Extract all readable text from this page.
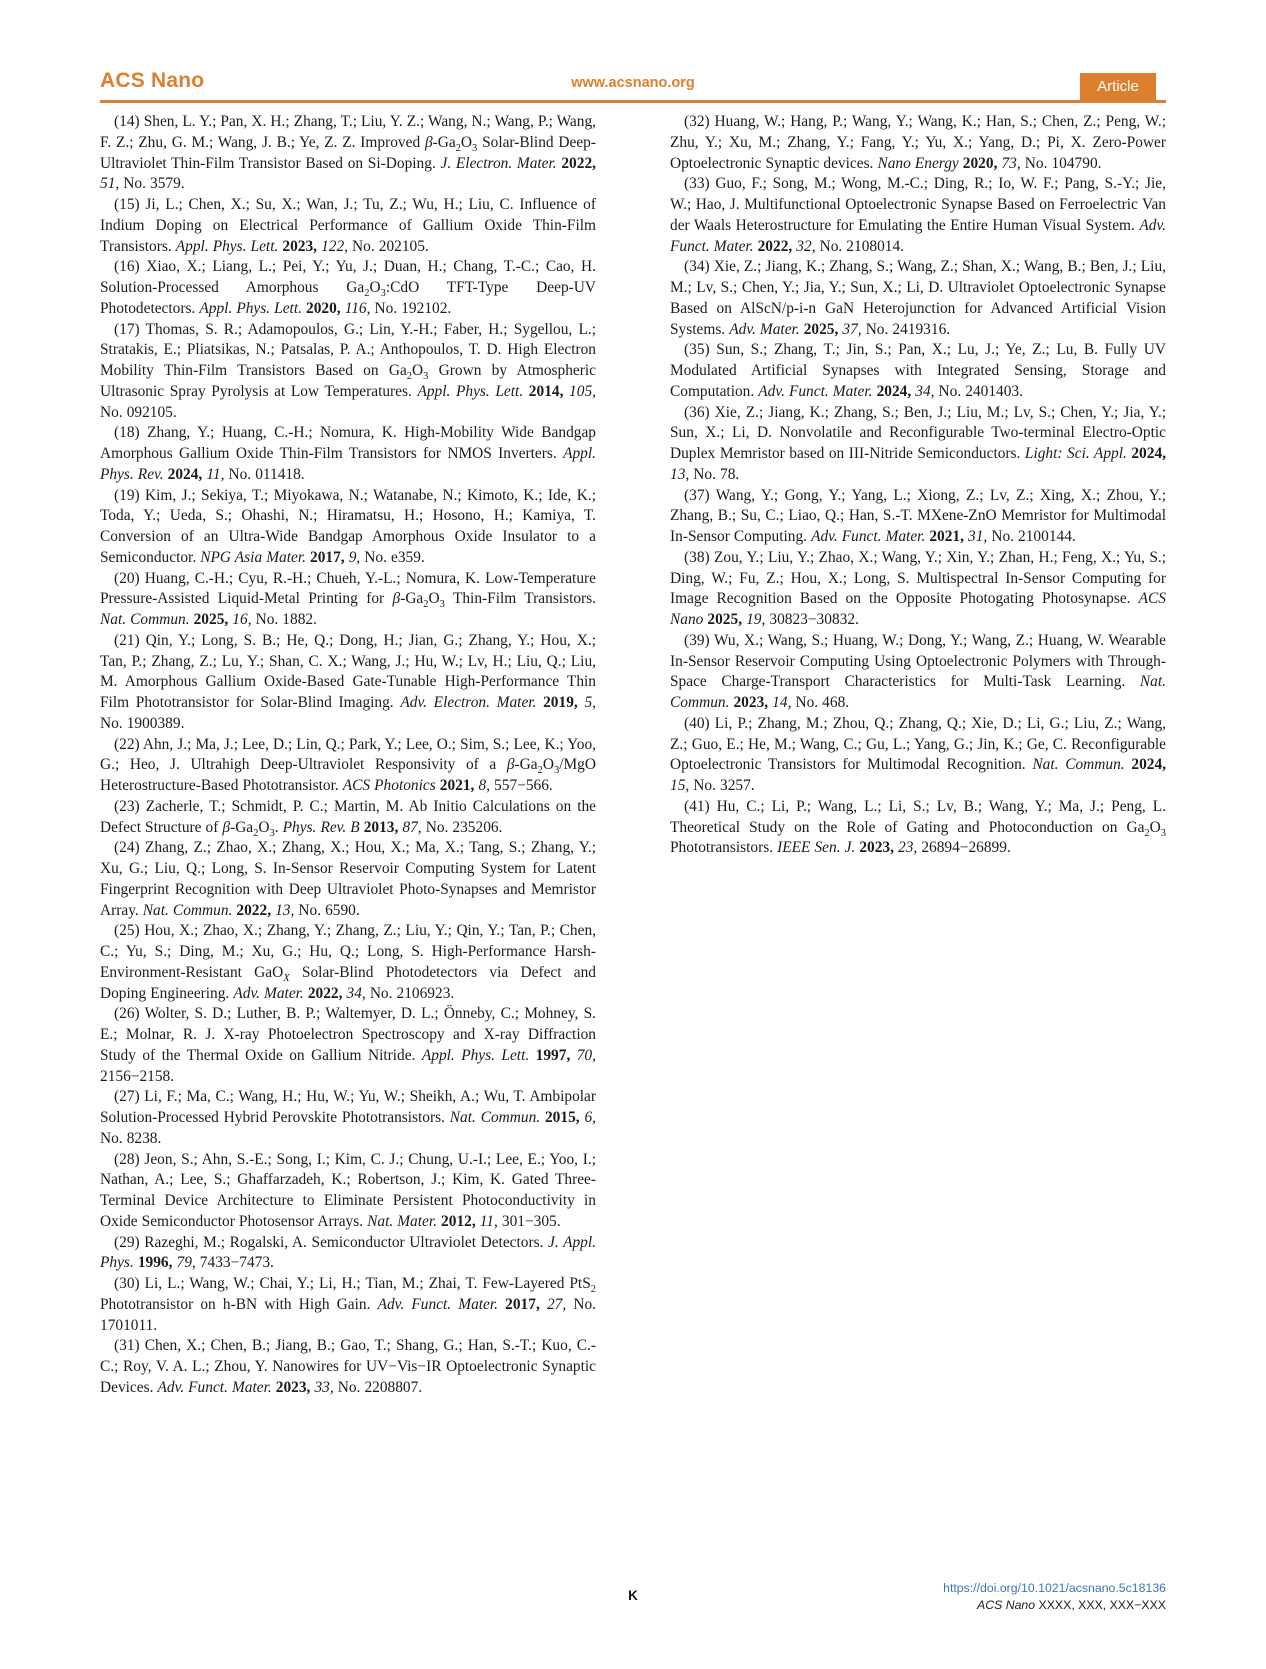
ACS Nano	www.acsnano.org	Article

(14) Shen, L. Y.; Pan, X. H.; Zhang, T.; Liu, Y. Z.; Wang, N.; Wang, P.; Wang, F. Z.; Zhu, G. M.; Wang, J. B.; Ye, Z. Z. Improved $\beta-Ga_2O_3$ Solar-Blind Deep-Ultraviolet Thin-Film Transistor Based on Si-Doping. J. Electron. Mater. 2022, 51, No. 3579.

(15) Ji, L.; Chen, X.; Su, X.; Wan, J.; Tu, Z.; Wu, H.; Liu, C. Influence of Indium Doping on Electrical Performance of Gallium Oxide Thin-Film Transistors. Appl. Phys. Lett. 2023, 122, No. 202105.

(16) Xiao, X.; Liang, L.; Pei, Y.; Yu, J.; Duan, H.; Chang, T.-C.; Cao, H. Solution-Processed Amorphous $Ga_2O_3:CdO$ TFT-Type Deep-UV Photodetectors. Appl. Phys. Lett. 2020, 116, No. 192102.

(17) Thomas, S. R.; Adamopoulos, G.; Lin, Y.-H.; Faber, H.; Sygellou, L.; Stratakis, E.; Pliatsikas, N.; Patsalas, P. A.; Anthopoulos, T. D. High Electron Mobility Thin-Film Transistors Based on $Ga_2O_3$ Grown by Atmospheric Ultrasonic Spray Pyrolysis at Low Temperatures. Appl. Phys. Lett. 2014, 105, No. 092105.

(18) Zhang, Y.; Huang, C.-H.; Nomura, K. High-Mobility Wide Bandgap Amorphous Gallium Oxide Thin-Film Transistors for NMOS Inverters. Appl. Phys. Rev. 2024, 11, No. 011418.

(19) Kim, J.; Sekiya, T.; Miyokawa, N.; Watanabe, N.; Kimoto, K.; Ide, K.; Toda, Y.; Ueda, S.; Ohashi, N.; Hiramatsu, H.; Hosono, H.; Kamiya, T. Conversion of an Ultra-Wide Bandgap Amorphous Oxide Insulator to a Semiconductor. NPG Asia Mater. 2017, 9, No. e359.

(20) Huang, C.-H.; Cyu, R.-H.; Chueh, Y.-L.; Nomura, K. Low-Temperature Pressure-Assisted Liquid-Metal Printing for $\beta-Ga_2O_3$ Thin-Film Transistors. Nat. Commun. 2025, 16, No. 1882.

(21) Qin, Y.; Long, S. B.; He, Q.; Dong, H.; Jian, G.; Zhang, Y.; Hou, X.; Tan, P.; Zhang, Z.; Lu, Y.; Shan, C. X.; Wang, J.; Hu, W.; Lv, H.; Liu, Q.; Liu, M. Amorphous Gallium Oxide-Based Gate-Tunable High-Performance Thin Film Phototransistor for Solar-Blind Imaging. Adv. Electron. Mater. 2019, 5, No. 1900389.

(22) Ahn, J.; Ma, J.; Lee, D.; Lin, Q.; Park, Y.; Lee, O.; Sim, S.; Lee, K.; Yoo, G.; Heo, J. Ultrahigh Deep-Ultraviolet Responsivity of a $\beta-Ga_2O_3$/MgO Heterostructure-Based Phototransistor. ACS Photonics 2021, 8, 557−566.

(23) Zacherle, T.; Schmidt, P. C.; Martin, M. Ab Initio Calculations on the Defect Structure of $\beta-Ga_2O_3$. Phys. Rev. B 2013, 87, No. 235206.

(24) Zhang, Z.; Zhao, X.; Zhang, X.; Hou, X.; Ma, X.; Tang, S.; Zhang, Y.; Xu, G.; Liu, Q.; Long, S. In-Sensor Reservoir Computing System for Latent Fingerprint Recognition with Deep Ultraviolet Photo-Synapses and Memristor Array. Nat. Commun. 2022, 13, No. 6590.

(25) Hou, X.; Zhao, X.; Zhang, Y.; Zhang, Z.; Liu, Y.; Qin, Y.; Tan, P.; Chen, C.; Yu, S.; Ding, M.; Xu, G.; Hu, Q.; Long, S. High-Performance Harsh-Environment-Resistant GaO$_X$ Solar-Blind Photodetectors via Defect and Doping Engineering. Adv. Mater. 2022, 34, No. 2106923.

(26) Wolter, S. D.; Luther, B. P.; Waltemyer, D. L.; Önneby, C.; Mohney, S. E.; Molnar, R. J. X-ray Photoelectron Spectroscopy and X-ray Diffraction Study of the Thermal Oxide on Gallium Nitride. Appl. Phys. Lett. 1997, 70, 2156−2158.

(27) Li, F.; Ma, C.; Wang, H.; Hu, W.; Yu, W.; Sheikh, A.; Wu, T. Ambipolar Solution-Processed Hybrid Perovskite Phototransistors. Nat. Commun. 2015, 6, No. 8238.

(28) Jeon, S.; Ahn, S.-E.; Song, I.; Kim, C. J.; Chung, U.-I.; Lee, E.; Yoo, I.; Nathan, A.; Lee, S.; Ghaffarzadeh, K.; Robertson, J.; Kim, K. Gated Three-Terminal Device Architecture to Eliminate Persistent Photoconductivity in Oxide Semiconductor Photosensor Arrays. Nat. Mater. 2012, 11, 301−305.

(29) Razeghi, M.; Rogalski, A. Semiconductor Ultraviolet Detectors. J. Appl. Phys. 1996, 79, 7433−7473.

(30) Li, L.; Wang, W.; Chai, Y.; Li, H.; Tian, M.; Zhai, T. Few-Layered PtS$_2$ Phototransistor on h-BN with High Gain. Adv. Funct. Mater. 2017, 27, No. 1701011.

(31) Chen, X.; Chen, B.; Jiang, B.; Gao, T.; Shang, G.; Han, S.-T.; Kuo, C.-C.; Roy, V. A. L.; Zhou, Y. Nanowires for UV−Vis−IR Optoelectronic Synaptic Devices. Adv. Funct. Mater. 2023, 33, No. 2208807.

(32) Huang, W.; Hang, P.; Wang, Y.; Wang, K.; Han, S.; Chen, Z.; Peng, W.; Zhu, Y.; Xu, M.; Zhang, Y.; Fang, Y.; Yu, X.; Yang, D.; Pi, X. Zero-Power Optoelectronic Synaptic devices. Nano Energy 2020, 73, No. 104790.

(33) Guo, F.; Song, M.; Wong, M.-C.; Ding, R.; Io, W. F.; Pang, S.-Y.; Jie, W.; Hao, J. Multifunctional Optoelectronic Synapse Based on Ferroelectric Van der Waals Heterostructure for Emulating the Entire Human Visual System. Adv. Funct. Mater. 2022, 32, No. 2108014.

(34) Xie, Z.; Jiang, K.; Zhang, S.; Wang, Z.; Shan, X.; Wang, B.; Ben, J.; Liu, M.; Lv, S.; Chen, Y.; Jia, Y.; Sun, X.; Li, D. Ultraviolet Optoelectronic Synapse Based on AlScN/p-i-n GaN Heterojunction for Advanced Artificial Vision Systems. Adv. Mater. 2025, 37, No. 2419316.

(35) Sun, S.; Zhang, T.; Jin, S.; Pan, X.; Lu, J.; Ye, Z.; Lu, B. Fully UV Modulated Artificial Synapses with Integrated Sensing, Storage and Computation. Adv. Funct. Mater. 2024, 34, No. 2401403.

(36) Xie, Z.; Jiang, K.; Zhang, S.; Ben, J.; Liu, M.; Lv, S.; Chen, Y.; Jia, Y.; Sun, X.; Li, D. Nonvolatile and Reconfigurable Two-terminal Electro-Optic Duplex Memristor based on III-Nitride Semiconductors. Light: Sci. Appl. 2024, 13, No. 78.

(37) Wang, Y.; Gong, Y.; Yang, L.; Xiong, Z.; Lv, Z.; Xing, X.; Zhou, Y.; Zhang, B.; Su, C.; Liao, Q.; Han, S.-T. MXene-ZnO Memristor for Multimodal In-Sensor Computing. Adv. Funct. Mater. 2021, 31, No. 2100144.

(38) Zou, Y.; Liu, Y.; Zhao, X.; Wang, Y.; Xin, Y.; Zhan, H.; Feng, X.; Yu, S.; Ding, W.; Fu, Z.; Hou, X.; Long, S. Multispectral In-Sensor Computing for Image Recognition Based on the Opposite Photogating Photosynapse. ACS Nano 2025, 19, 30823−30832.

(39) Wu, X.; Wang, S.; Huang, W.; Dong, Y.; Wang, Z.; Huang, W. Wearable In-Sensor Reservoir Computing Using Optoelectronic Polymers with Through-Space Charge-Transport Characteristics for Multi-Task Learning. Nat. Commun. 2023, 14, No. 468.

(40) Li, P.; Zhang, M.; Zhou, Q.; Zhang, Q.; Xie, D.; Li, G.; Liu, Z.; Wang, Z.; Guo, E.; He, M.; Wang, C.; Gu, L.; Yang, G.; Jin, K.; Ge, C. Reconfigurable Optoelectronic Transistors for Multimodal Recognition. Nat. Commun. 2024, 15, No. 3257.

(41) Hu, C.; Li, P.; Wang, L.; Li, S.; Lv, B.; Wang, Y.; Ma, J.; Peng, L. Theoretical Study on the Role of Gating and Photoconduction on $Ga_2O_3$ Phototransistors. IEEE Sen. J. 2023, 23, 26894−26899.

K	https://doi.org/10.1021/acsnano.5c18136
ACS Nano XXXX, XXX, XXX−XXX
